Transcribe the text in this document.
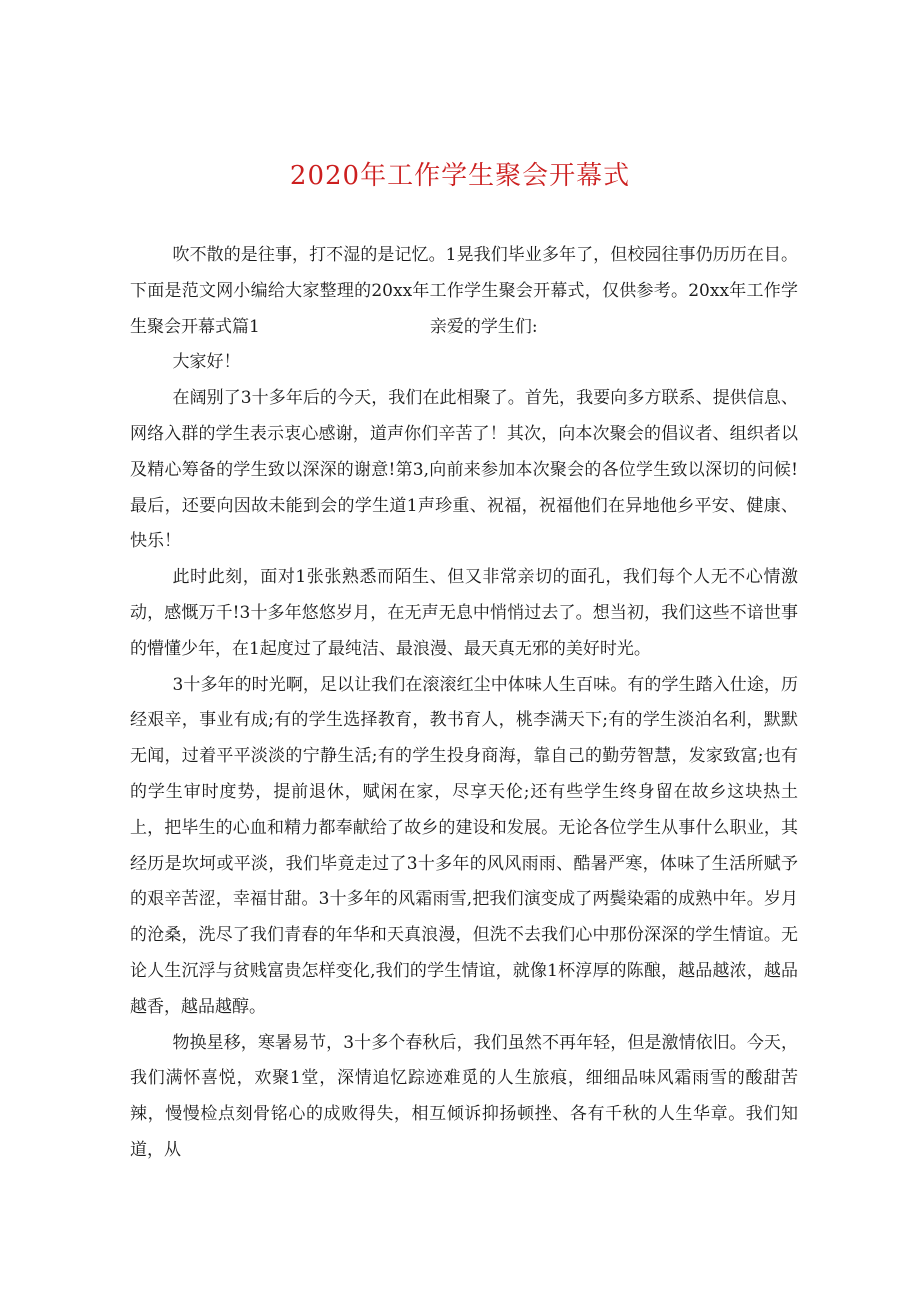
2020年工作学生聚会开幕式

吹不散的是往事，打不湿的是记忆。1晃我们毕业多年了，但校园往事仍历历在目。下面是范文网小编给大家整理的20xx年工作学生聚会开幕式，仅供参考。20xx年工作学生聚会开幕式篇1	亲爱的学生们:

大家好！

在阔别了3十多年后的今天，我们在此相聚了。首先，我要向多方联系、提供信息、网络入群的学生表示衷心感谢，道声你们辛苦了！其次，向本次聚会的倡议者、组织者以及精心筹备的学生致以深深的谢意!第3,向前来参加本次聚会的各位学生致以深切的问候!最后，还要向因故未能到会的学生道1声珍重、祝福，祝福他们在异地他乡平安、健康、快乐！

此时此刻，面对1张张熟悉而陌生、但又非常亲切的面孔，我们每个人无不心情激动，感慨万千!3十多年悠悠岁月，在无声无息中悄悄过去了。想当初，我们这些不谙世事的懵懂少年，在1起度过了最纯洁、最浪漫、最天真无邪的美好时光。

3十多年的时光啊，足以让我们在滚滚红尘中体味人生百味。有的学生踏入仕途，历经艰辛，事业有成;有的学生选择教育，教书育人，桃李满天下;有的学生淡泊名利，默默无闻，过着平平淡淡的宁静生活;有的学生投身商海，靠自己的勤劳智慧，发家致富;也有的学生审时度势，提前退休，赋闲在家，尽享天伦;还有些学生终身留在故乡这块热土上，把毕生的心血和精力都奉献给了故乡的建设和发展。无论各位学生从事什么职业，其经历是坎坷或平淡，我们毕竟走过了3十多年的风风雨雨、酷暑严寒，体味了生活所赋予的艰辛苦涩，幸福甘甜。3十多年的风霜雨雪,把我们演变成了两鬓染霜的成熟中年。岁月的沧桑，洗尽了我们青春的年华和天真浪漫，但洗不去我们心中那份深深的学生情谊。无论人生沉浮与贫贱富贵怎样变化,我们的学生情谊，就像1杯淳厚的陈酿，越品越浓，越品越香，越品越醇。

物换星移，寒暑易节，3十多个春秋后，我们虽然不再年轻，但是激情依旧。今天，我们满怀喜悦，欢聚1堂，深情追忆踪迹难觅的人生旅痕，细细品味风霜雨雪的酸甜苦辣，慢慢检点刻骨铭心的成败得失，相互倾诉抑扬顿挫、各有千秋的人生华章。我们知道，从
